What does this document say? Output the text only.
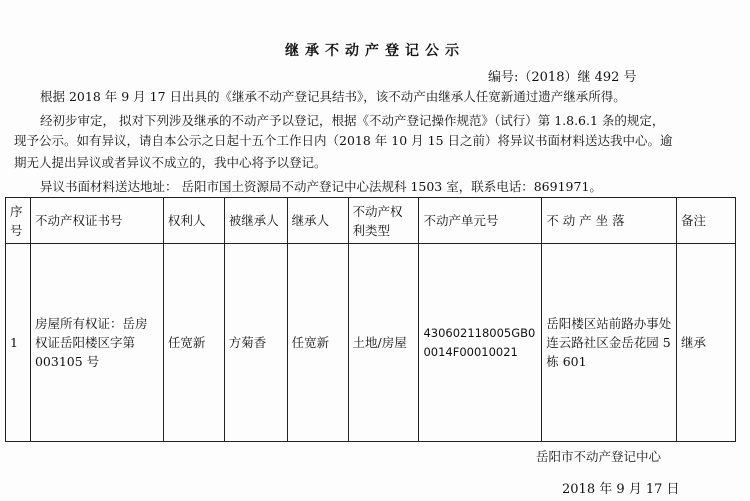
继承不动产登记公示
编号:（2018）继 492 号
根据 2018 年 9 月 17 日出具的《继承不动产登记具结书》，该不动产由继承人任宽新通过遗产继承所得。
经初步审定， 拟对下列涉及继承的不动产予以登记，根据《不动产登记操作规范》（试行）第 1.8.6.1 条的规定，
现予公示。如有异议，请自本公示之日起十五个工作日内（2018 年 10 月 15 日之前）将异议书面材料送达我中心。逾
期无人提出异议或者异议不成立的，我中心将予以登记。
异议书面材料送达地址： 岳阳市国土资源局不动产登记中心法规科 1503 室，联系电话：8691971。
序号	不动产权证书号	权利人	被继承人	继承人	不动产权利类型	不动产单元号	不 动 产 坐 落	备注
1	房屋所有权证：岳房权证岳阳楼区字第 003105 号	任宽新	方菊香	任宽新	土地/房屋	430602118005GB00014F00010021	岳阳楼区站前路办事处连云路社区金岳花园 5 栋 601	继承
岳阳市不动产登记中心
2018 年 9 月 17 日
